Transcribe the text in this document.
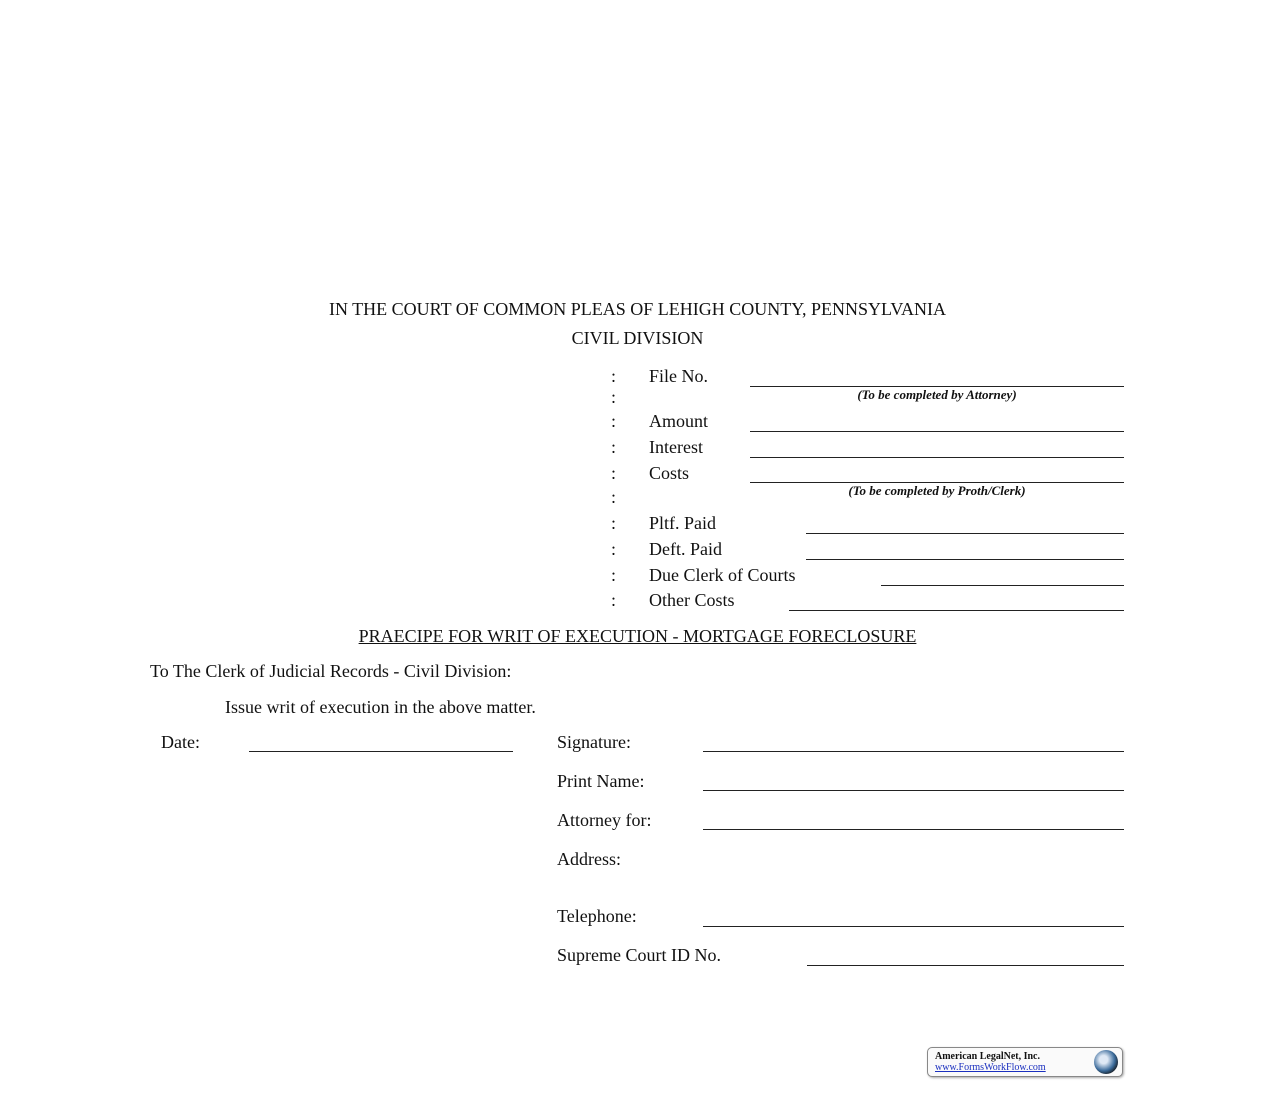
IN THE COURT OF COMMON PLEAS OF LEHIGH COUNTY, PENNSYLVANIA
CIVIL DIVISION
:
:
:
:
:
:
:
:
:
:
File No.
(To be completed by Attorney)
Amount
Interest
Costs
(To be completed by Proth/Clerk)
Pltf. Paid
Deft. Paid
Due Clerk of Courts
Other Costs
PRAECIPE FOR WRIT OF EXECUTION - MORTGAGE FORECLOSURE
To The Clerk of Judicial Records - Civil Division:
Issue writ of execution in the above matter.
Date:	Signature:
Print Name:
Attorney for:
Address:
Telephone:
Supreme Court ID No.
American LegalNet, Inc.
www.FormsWorkFlow.com
